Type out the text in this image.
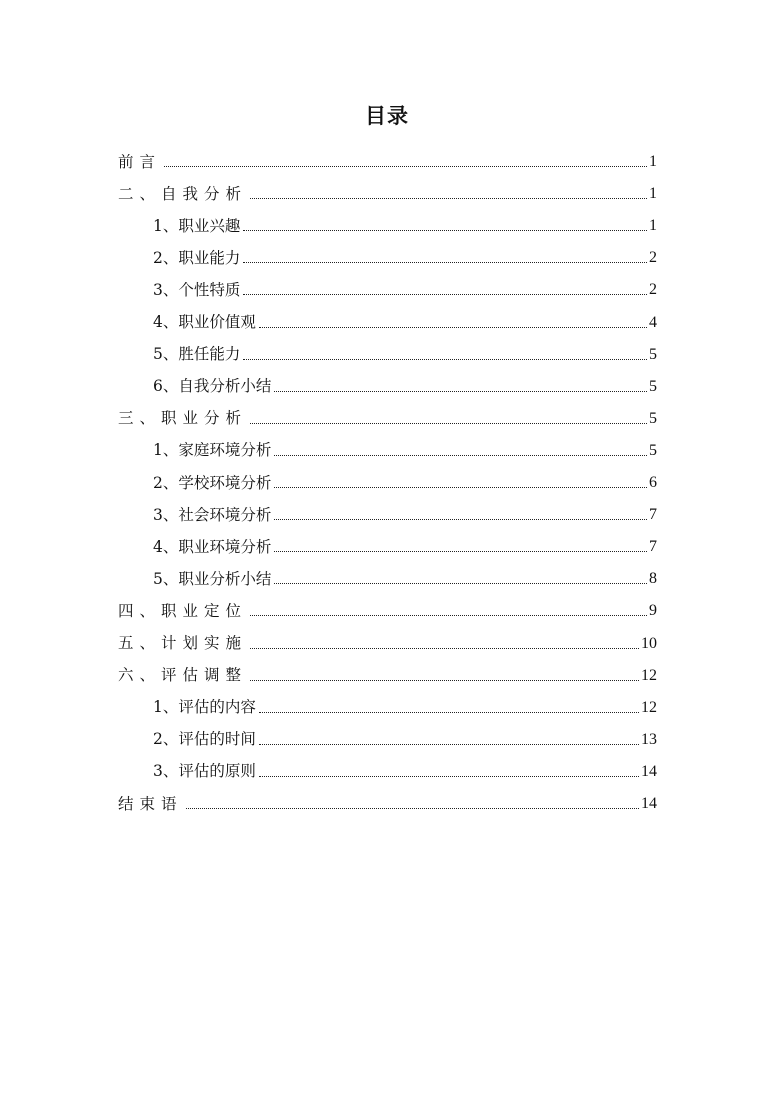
目录
前言	1
二、自我分析	1
1、职业兴趣	1
2、职业能力	2
3、个性特质	2
4、职业价值观	4
5、胜任能力	5
6、自我分析小结	5
三、职业分析	5
1、家庭环境分析	5
2、学校环境分析	6
3、社会环境分析	7
4、职业环境分析	7
5、职业分析小结	8
四、职业定位	9
五、计划实施	10
六、评估调整	12
1、评估的内容	12
2、评估的时间	13
3、评估的原则	14
结束语	14
